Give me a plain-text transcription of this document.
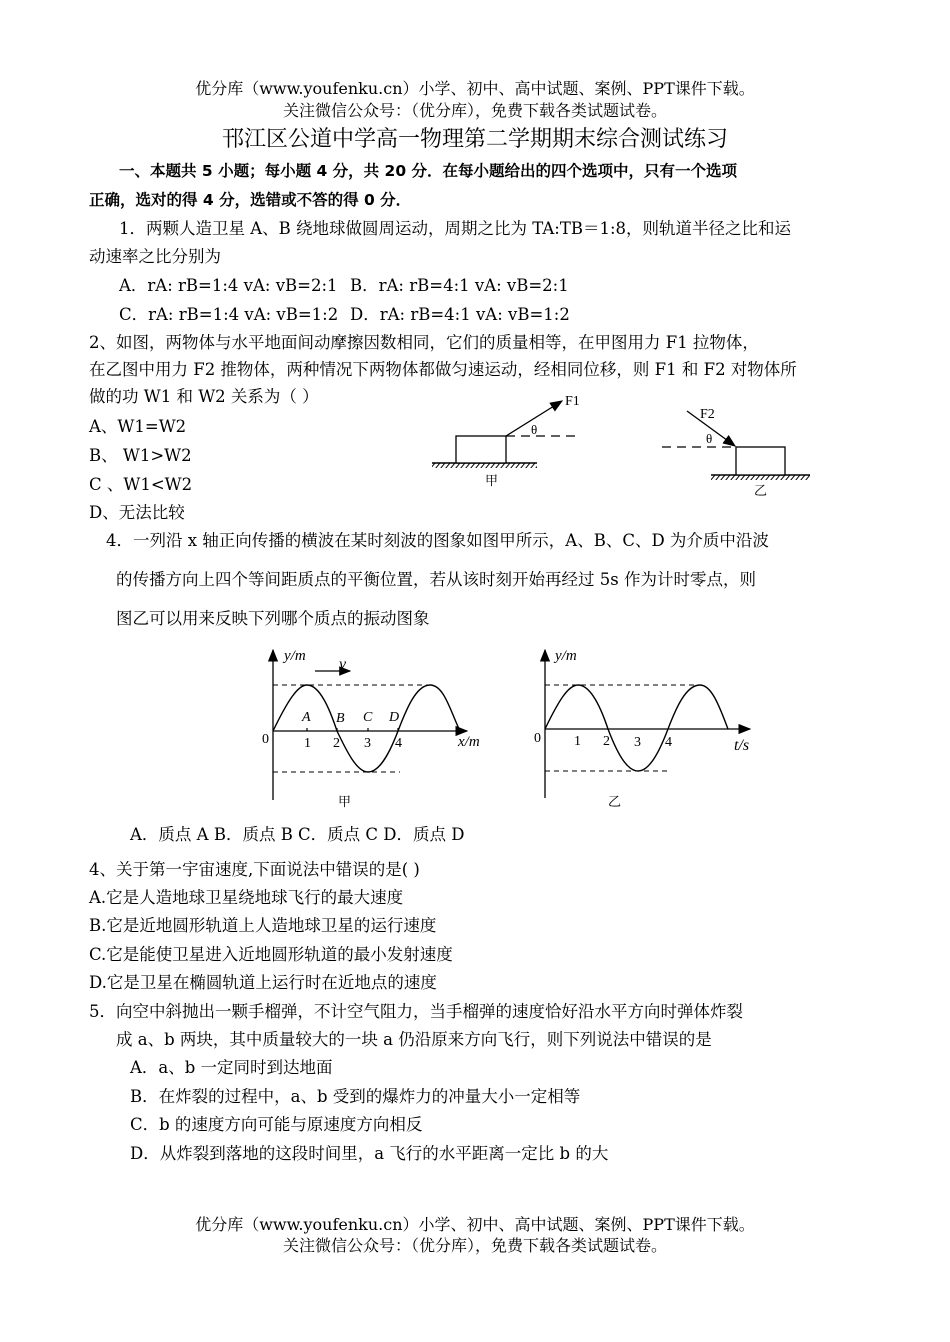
优分库（www.youfenku.cn）小学、初中、高中试题、案例、PPT课件下载。
关注微信公众号：（优分库），免费下载各类试题试卷。
邗江区公道中学高一物理第二学期期末综合测试练习
一、本题共 5 小题；每小题 4 分，共 20 分．在每小题给出的四个选项中，只有一个选项
正确，选对的得 4 分，选错或不答的得 0 分．
1．两颗人造卫星 A、B 绕地球做圆周运动，周期之比为 TA:TB＝1:8，则轨道半径之比和运
动速率之比分别为
A．rA: rB=1:4 vA: vB=2:1 B．rA: rB=4:1 vA: vB=2:1
C．rA: rB=1:4 vA: vB=1:2 D．rA: rB=4:1 vA: vB=1:2
2、如图，两物体与水平地面间动摩擦因数相同，它们的质量相等，在甲图用力 F1 拉物体，
在乙图中用力 F2 推物体，两种情况下两物体都做匀速运动，经相同位移，则 F1 和 F2 对物体所
做的功 W1 和 W2 关系为（ ）
A、W1=W2
B、 W1>W2
C 、W1<W2
D、无法比较
F1
θ
甲
F2
θ
乙
4．一列沿 x 轴正向传播的横波在某时刻波的图象如图甲所示，A、B、C、D 为介质中沿波
的传播方向上四个等间距质点的平衡位置，若从该时刻开始再经过 5s 作为计时零点，则
图乙可以用来反映下列哪个质点的振动图象
v
y/m
x/m
0	1 2 3 4
A B C D
甲
y/m
t/s
0 1 2 3 4
乙
A．质点 A B．质点 B C．质点 C D．质点 D
4、关于第一宇宙速度,下面说法中错误的是( )
A.它是人造地球卫星绕地球飞行的最大速度
B.它是近地圆形轨道上人造地球卫星的运行速度
C.它是能使卫星进入近地圆形轨道的最小发射速度
D.它是卫星在椭圆轨道上运行时在近地点的速度
5．向空中斜抛出一颗手榴弹，不计空气阻力，当手榴弹的速度恰好沿水平方向时弹体炸裂
成 a、b 两块，其中质量较大的一块 a 仍沿原来方向飞行，则下列说法中错误的是
A．a、b 一定同时到达地面
B．在炸裂的过程中，a、b 受到的爆炸力的冲量大小一定相等
C．b 的速度方向可能与原速度方向相反
D．从炸裂到落地的这段时间里，a 飞行的水平距离一定比 b 的大
优分库（www.youfenku.cn）小学、初中、高中试题、案例、PPT课件下载。
关注微信公众号：（优分库），免费下载各类试题试卷。
